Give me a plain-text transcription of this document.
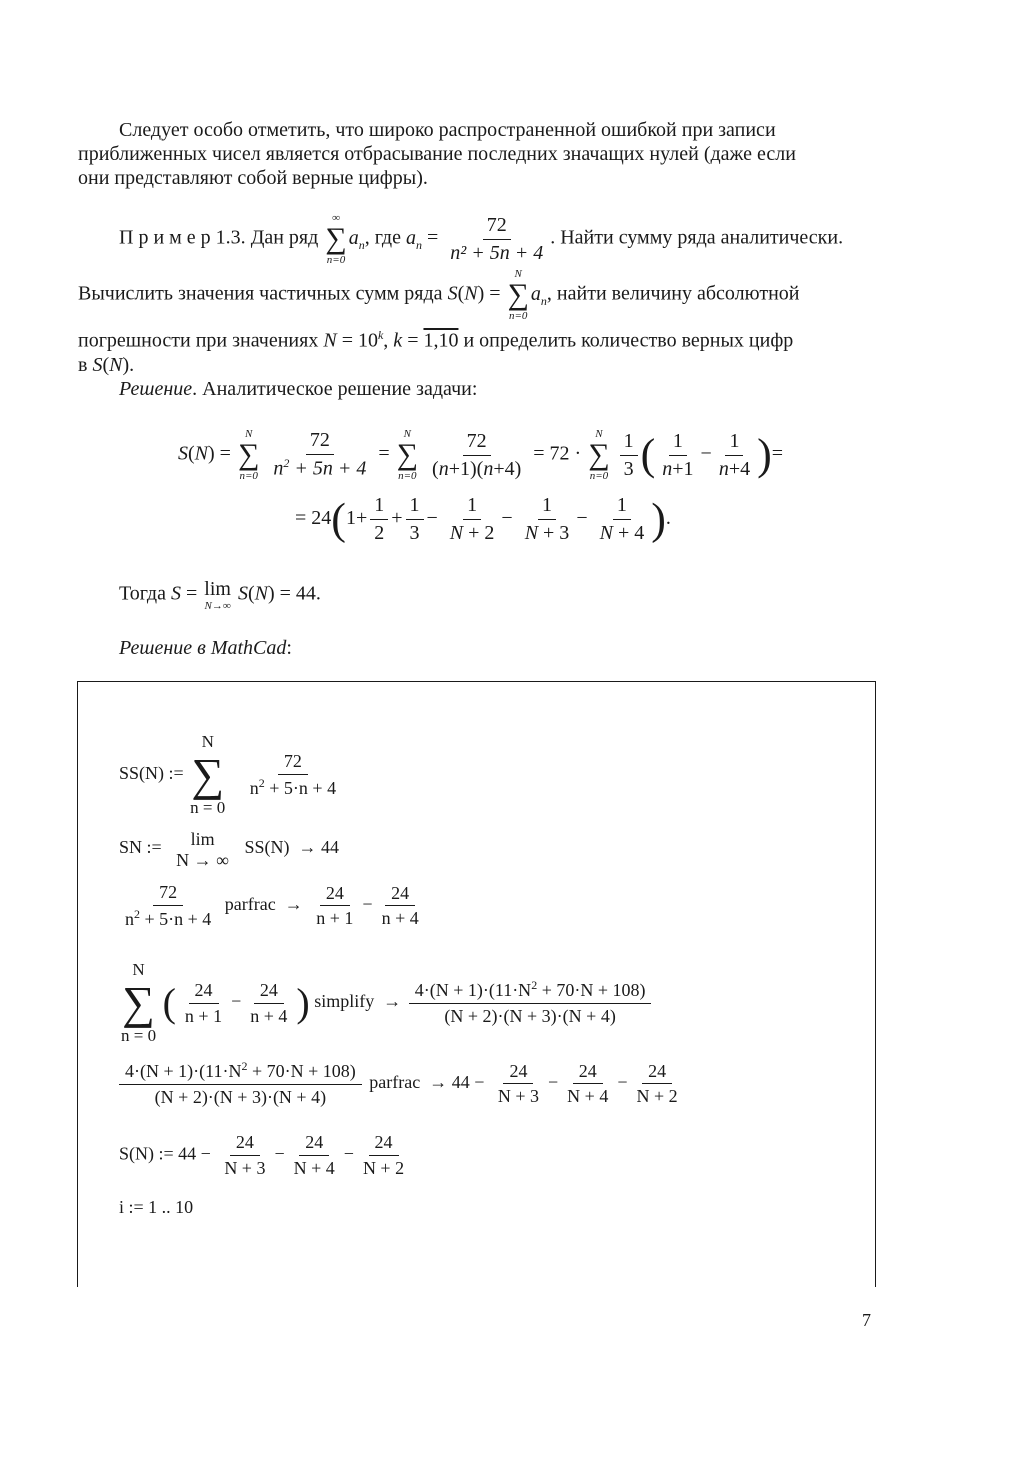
Следует особо отметить, что широко распространенной ошибкой при записи
приближенных чисел является отбрасывание последних значащих нулей (даже если
они представляют собой верные цифры).
П р и м е р 1.3. Дан ряд
∞
∑
n=0
$a_n$, где $a_n = \frac{72}{\text{n² + 5n + 4}}$ . Найти сумму ряда аналитически.
Вычислить значения частичных сумм ряда S(N) =
N
∑
n=0
$a_n$, найти величину абсолютной
погрешности при значениях $N = 10^k$, k = 1,10 и определить количество верных цифр
в S(N).
Решение. Аналитическое решение задачи:
S(N) =
N
∑
n=0
$\frac{72}{n^2 + 5n + 4}$ =
N
∑
n=0
$\frac{72}{(n+1)(n+4)} = 72$ ·
N
∑
n=0
$\frac{1}{3}$ ( $\frac{1}{n+1} - \frac{1}{n+4}$ )=
= $24(1+ \frac{1}{2} + \frac{1}{3} - \frac{1}{N + 2} - \frac{1}{N + 3} - \frac{1}{N + 4}$ ).
Тогда S = lim
N→∞
S(N) = 44.
Решение в MathCad:
SS(N) :=
N
∑
n = 0

$\frac{72}{n^2 + 5\cdot n + 4}$
SN := lim
N → ∞
SS(N)  → 44
$\frac{72}{n^2 + 5\cdot n + 4}$ parfrac  → $\frac{24}{n + 1} - \frac{24}{n + 4}$
N
∑
n = 0
( $\frac{24}{n + 1} - \frac{24}{n + 4}$ ) simplify  → $\frac{4\cdot(N + 1)\cdot(11\cdot N^2 + 70\cdot N + 108)}{(N + 2)\cdot(N + 3)\cdot(N + 4)}$
$\frac{4\cdot(N + 1)\cdot(11\cdot N^2 + 70\cdot N + 108)}{(N + 2)\cdot(N + 3)\cdot(N + 4)}$ parfrac  → $44 - \frac{24}{N + 3} - \frac{24}{N + 4} - \frac{24}{N + 2}$
S(N) := $44 - \frac{24}{N + 3} - \frac{24}{N + 4} - \frac{24}{N + 2}$
i := 1 .. 10
7
